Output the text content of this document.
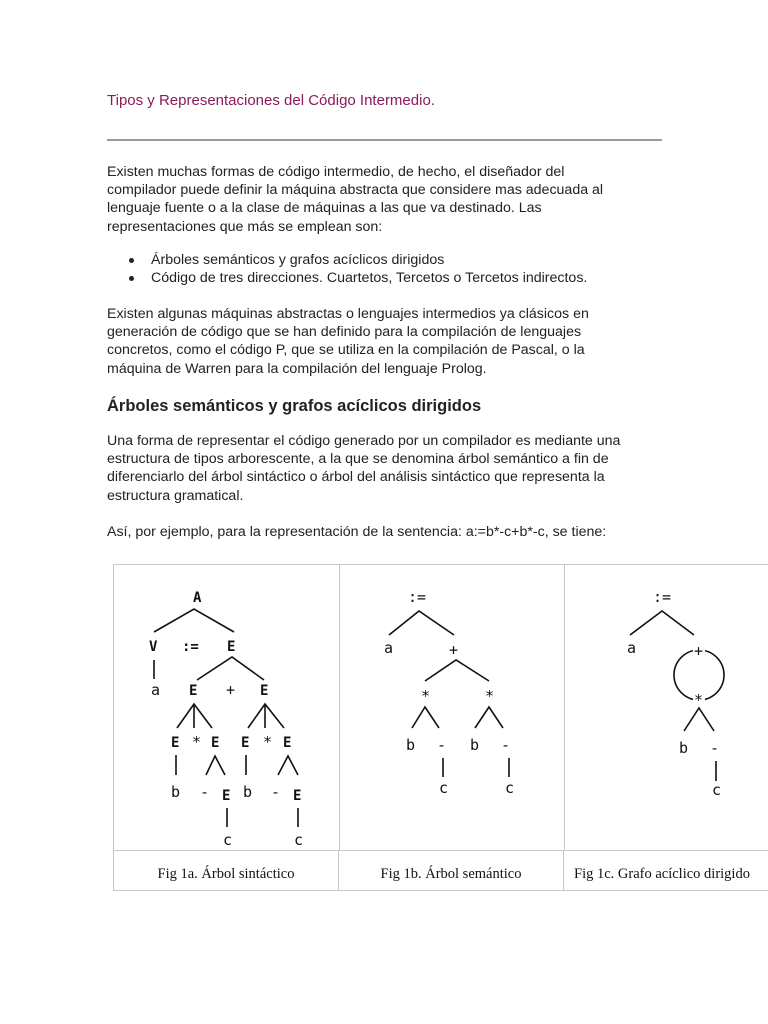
Tipos y Representaciones del Código Intermedio.

Existen muchas formas de código intermedio, de hecho, el diseñador del
compilador puede definir la máquina abstracta que considere mas adecuada al
lenguaje fuente o a la clase de máquinas a las que va destinado. Las
representaciones que más se emplean son:

Árboles semánticos y grafos acíclicos dirigidos
Código de tres direcciones. Cuartetos, Tercetos o Tercetos indirectos.

Existen algunas máquinas abstractas o lenguajes intermedios ya clásicos en
generación de código que se han definido para la compilación de lenguajes
concretos, como el código P, que se utiliza en la compilación de Pascal, o la
máquina de Warren para la compilación del lenguaje Prolog.

Árboles semánticos y grafos acíclicos dirigidos

Una forma de representar el código generado por un compilador es mediante una
estructura de tipos arborescente, a la que se denomina árbol semántico a fin de
diferenciarlo del árbol sintáctico o árbol del análisis sintáctico que representa la
estructura gramatical.

Así, por ejemplo, para la representación de la sentencia: a:=b*-c+b*-c, se tiene:

A
V := E
a E + E
E * E E * E
b - E b - E
c	c
:=
a	+
*	*
b - b -
c	c
:=
a	+
*
b -
c
Fig 1a. Árbol sintáctico	Fig 1b. Árbol semántico	Fig 1c. Grafo acíclico dirigido
